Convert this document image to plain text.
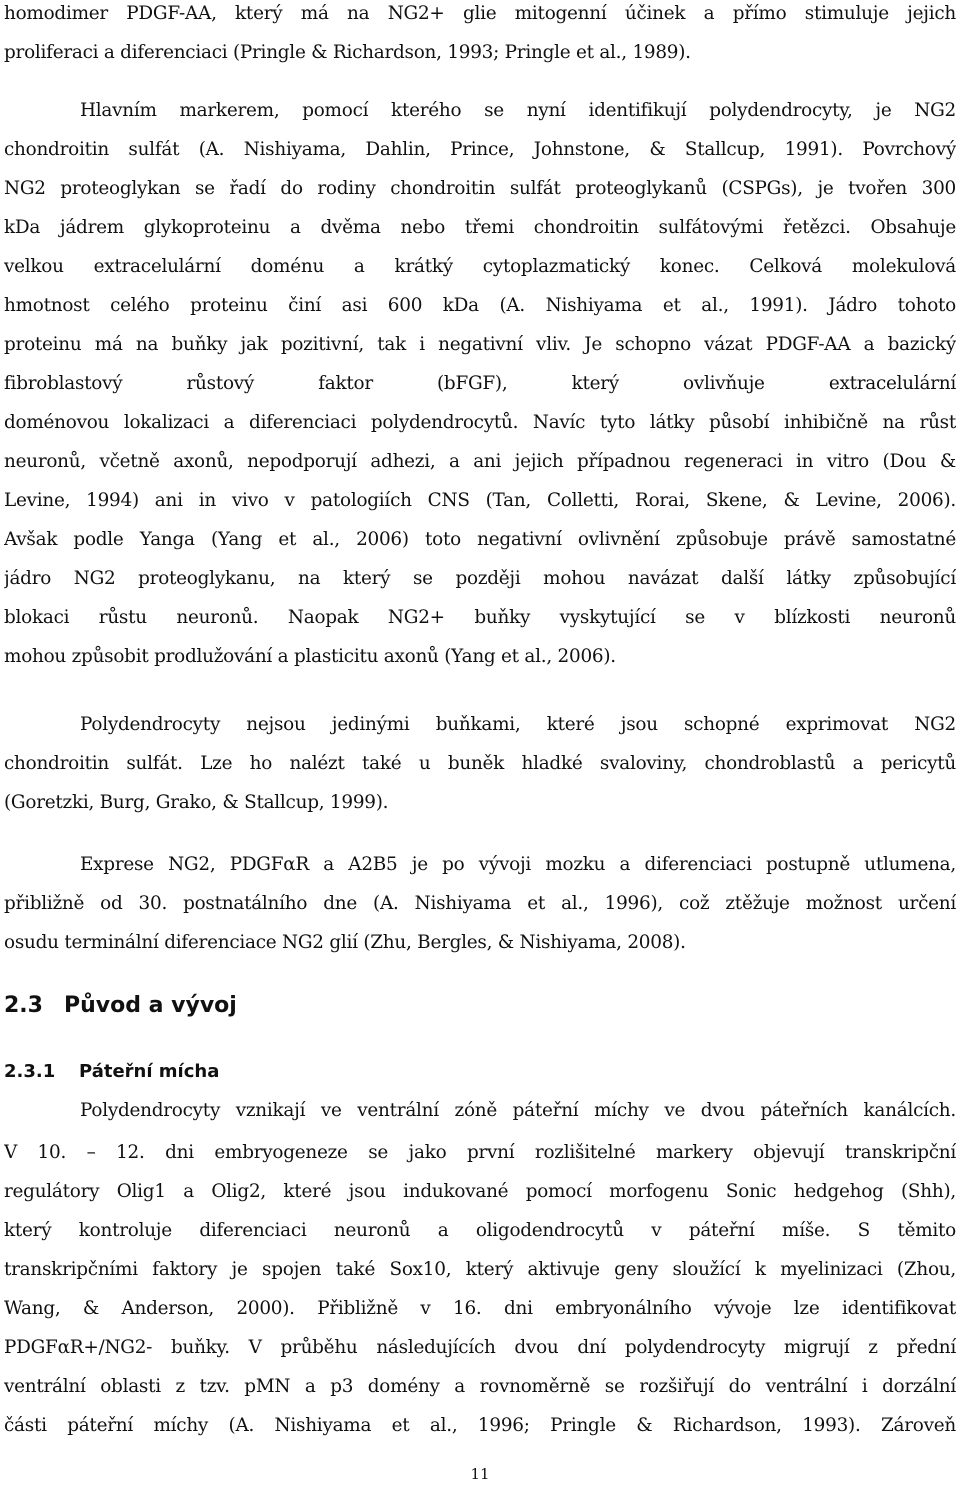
homodimer PDGF-AA, který má na NG2+ glie mitogenní účinek a přímo stimuluje jejich
proliferaci a diferenciaci (Pringle & Richardson, 1993; Pringle et al., 1989).
Hlavním markerem, pomocí kterého se nyní identifikují polydendrocyty, je NG2
chondroitin sulfát (A. Nishiyama, Dahlin, Prince, Johnstone, & Stallcup, 1991). Povrchový
NG2 proteoglykan se řadí do rodiny chondroitin sulfát proteoglykanů (CSPGs), je tvořen 300
kDa jádrem glykoproteinu a dvěma nebo třemi chondroitin sulfátovými řetězci. Obsahuje
velkou extracelulární doménu a krátký cytoplazmatický konec. Celková molekulová
hmotnost celého proteinu činí asi 600 kDa (A. Nishiyama et al., 1991). Jádro tohoto
proteinu má na buňky jak pozitivní, tak i negativní vliv. Je schopno vázat PDGF-AA a bazický
fibroblastový růstový faktor (bFGF), který ovlivňuje extracelulární
doménovou lokalizaci a diferenciaci polydendrocytů. Navíc tyto látky působí inhibičně na růst
neuronů, včetně axonů, nepodporují adhezi, a ani jejich případnou regeneraci in vitro (Dou &
Levine, 1994) ani in vivo v patologiích CNS (Tan, Colletti, Rorai, Skene, & Levine, 2006).
Avšak podle Yanga (Yang et al., 2006) toto negativní ovlivnění způsobuje právě samostatné
jádro NG2 proteoglykanu, na který se později mohou navázat další látky způsobující
blokaci růstu neuronů. Naopak NG2+ buňky vyskytující se v blízkosti neuronů
mohou způsobit prodlužování a plasticitu axonů (Yang et al., 2006).
Polydendrocyty nejsou jedinými buňkami, které jsou schopné exprimovat NG2
chondroitin sulfát. Lze ho nalézt také u buněk hladké svaloviny, chondroblastů a pericytů
(Goretzki, Burg, Grako, & Stallcup, 1999).
Exprese NG2, PDGFαR a A2B5 je po vývoji mozku a diferenciaci postupně utlumena,
přibližně od 30. postnatálního dne (A. Nishiyama et al., 1996), což ztěžuje možnost určení
osudu terminální diferenciace NG2 glií (Zhu, Bergles, & Nishiyama, 2008).
2.3 Původ a vývoj
2.3.1 Páteřní mícha
Polydendrocyty vznikají ve ventrální zóně páteřní míchy ve dvou páteřních kanálcích.
V 10. – 12. dni embryogeneze se jako první rozlišitelné markery objevují transkripční
regulátory Olig1 a Olig2, které jsou indukované pomocí morfogenu Sonic hedgehog (Shh),
který kontroluje diferenciaci neuronů a oligodendrocytů v páteřní míše. S těmito
transkripčními faktory je spojen také Sox10, který aktivuje geny sloužící k myelinizaci (Zhou,
Wang, & Anderson, 2000). Přibližně v 16. dni embryonálního vývoje lze identifikovat
PDGFαR+/NG2- buňky. V průběhu následujících dvou dní polydendrocyty migrují z přední
ventrální oblasti z tzv. pMN a p3 domény a rovnoměrně se rozšiřují do ventrální i dorzální
části páteřní míchy (A. Nishiyama et al., 1996; Pringle & Richardson, 1993). Zároveň
11
